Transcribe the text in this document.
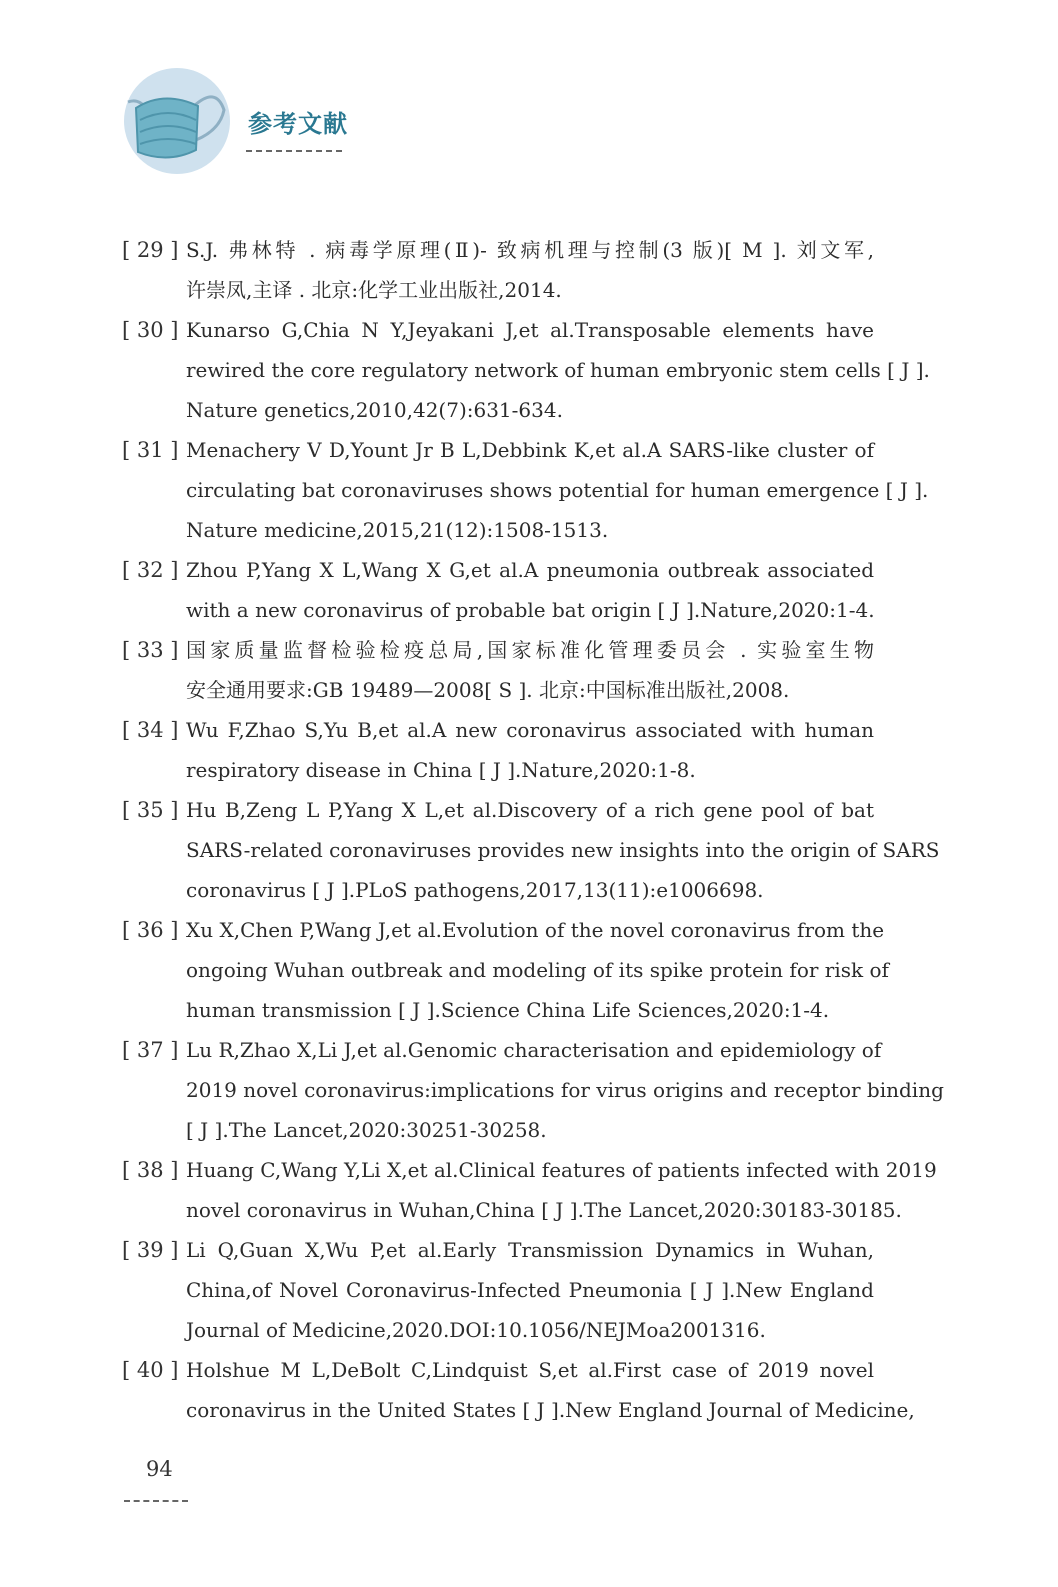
参考文献
[ 29 ] S.J. 弗林特 . 病毒学原理(Ⅱ)- 致病机理与控制(3 版)[ M ]. 刘文军,
许崇凤,主译 . 北京:化学工业出版社,2014.
[ 30 ] Kunarso G,Chia N Y,Jeyakani J,et al.Transposable elements have
rewired the core regulatory network of human embryonic stem cells [ J ].
Nature genetics,2010,42(7):631-634.
[ 31 ] Menachery V D,Yount Jr B L,Debbink K,et al.A SARS-like cluster of
circulating bat coronaviruses shows potential for human emergence [ J ].
Nature medicine,2015,21(12):1508-1513.
[ 32 ] Zhou P,Yang X L,Wang X G,et al.A pneumonia outbreak associated
with a new coronavirus of probable bat origin [ J ].Nature,2020:1-4.
[ 33 ] 国家质量监督检验检疫总局,国家标准化管理委员会 . 实验室生物
安全通用要求:GB 19489—2008[ S ]. 北京:中国标准出版社,2008.
[ 34 ] Wu F,Zhao S,Yu B,et al.A new coronavirus associated with human
respiratory disease in China [ J ].Nature,2020:1-8.
[ 35 ] Hu B,Zeng L P,Yang X L,et al.Discovery of a rich gene pool of bat
SARS-related coronaviruses provides new insights into the origin of SARS
coronavirus [ J ].PLoS pathogens,2017,13(11):e1006698.
[ 36 ] Xu X,Chen P,Wang J,et al.Evolution of the novel coronavirus from the
ongoing Wuhan outbreak and modeling of its spike protein for risk of
human transmission [ J ].Science China Life Sciences,2020:1-4.
[ 37 ] Lu R,Zhao X,Li J,et al.Genomic characterisation and epidemiology of
2019 novel coronavirus:implications for virus origins and receptor binding
[ J ].The Lancet,2020:30251-30258.
[ 38 ] Huang C,Wang Y,Li X,et al.Clinical features of patients infected with 2019
novel coronavirus in Wuhan,China [ J ].The Lancet,2020:30183-30185.
[ 39 ] Li Q,Guan X,Wu P,et al.Early Transmission Dynamics in Wuhan,
China,of Novel Coronavirus-Infected Pneumonia [ J ].New England
Journal of Medicine,2020.DOI:10.1056/NEJMoa2001316.
[ 40 ] Holshue M L,DeBolt C,Lindquist S,et al.First case of 2019 novel
coronavirus in the United States [ J ].New England Journal of Medicine,
94
